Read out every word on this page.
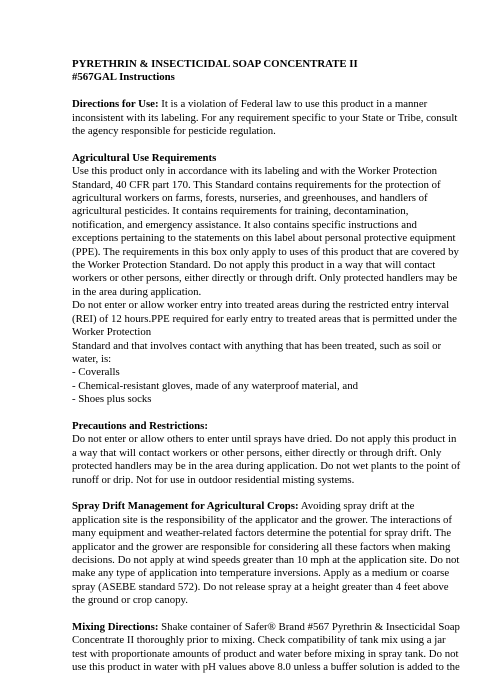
PYRETHRIN & INSECTICIDAL SOAP CONCENTRATE II
#567GAL Instructions
Directions for Use: It is a violation of Federal law to use this product in a manner
inconsistent with its labeling. For any requirement specific to your State or Tribe, consult
the agency responsible for pesticide regulation.
Agricultural Use Requirements
Use this product only in accordance with its labeling and with the Worker Protection
Standard, 40 CFR part 170. This Standard contains requirements for the protection of
agricultural workers on farms, forests, nurseries, and greenhouses, and handlers of
agricultural pesticides. It contains requirements for training, decontamination,
notification, and emergency assistance. It also contains specific instructions and
exceptions pertaining to the statements on this label about personal protective equipment
(PPE). The requirements in this box only apply to uses of this product that are covered by
the Worker Protection Standard. Do not apply this product in a way that will contact
workers or other persons, either directly or through drift. Only protected handlers may be
in the area during application.
Do not enter or allow worker entry into treated areas during the restricted entry interval
(REI) of 12 hours.PPE required for early entry to treated areas that is permitted under the
Worker Protection
Standard and that involves contact with anything that has been treated, such as soil or
water, is:
- Coveralls
- Chemical-resistant gloves, made of any waterproof material, and
- Shoes plus socks
Precautions and Restrictions:
Do not enter or allow others to enter until sprays have dried. Do not apply this product in
a way that will contact workers or other persons, either directly or through drift. Only
protected handlers may be in the area during application. Do not wet plants to the point of
runoff or drip. Not for use in outdoor residential misting systems.
Spray Drift Management for Agricultural Crops: Avoiding spray drift at the
application site is the responsibility of the applicator and the grower. The interactions of
many equipment and weather-related factors determine the potential for spray drift. The
applicator and the grower are responsible for considering all these factors when making
decisions. Do not apply at wind speeds greater than 10 mph at the application site. Do not
make any type of application into temperature inversions. Apply as a medium or coarse
spray (ASEBE standard 572). Do not release spray at a height greater than 4 feet above
the ground or crop canopy.
Mixing Directions: Shake container of Safer® Brand #567 Pyrethrin & Insecticidal Soap
Concentrate II thoroughly prior to mixing. Check compatibility of tank mix using a jar
test with proportionate amounts of product and water before mixing in spray tank. Do not
use this product in water with pH values above 8.0 unless a buffer solution is added to the
